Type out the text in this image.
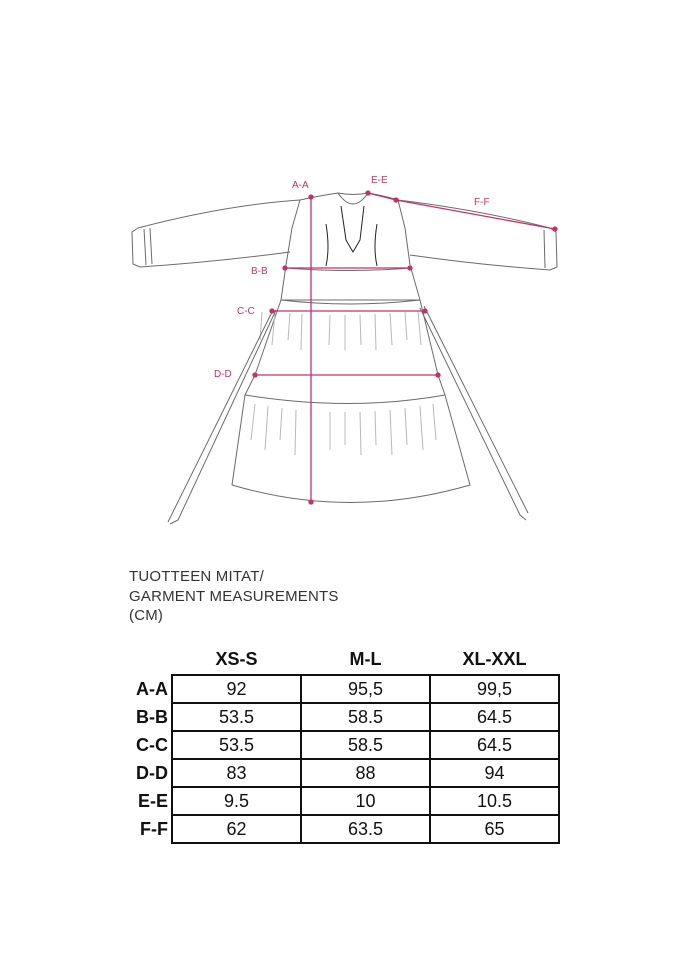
A-A	E-E
F-F
B-B
C-C
D-D
TUOTTEEN MITAT/
GARMENT MEASUREMENTS
(CM)
	XS-S	M-L	XL-XXL
A-A	92	95,5	99,5
B-B	53.5	58.5	64.5
C-C	53.5	58.5	64.5
D-D	83	88	94
E-E	9.5	10	10.5
F-F	62	63.5	65
